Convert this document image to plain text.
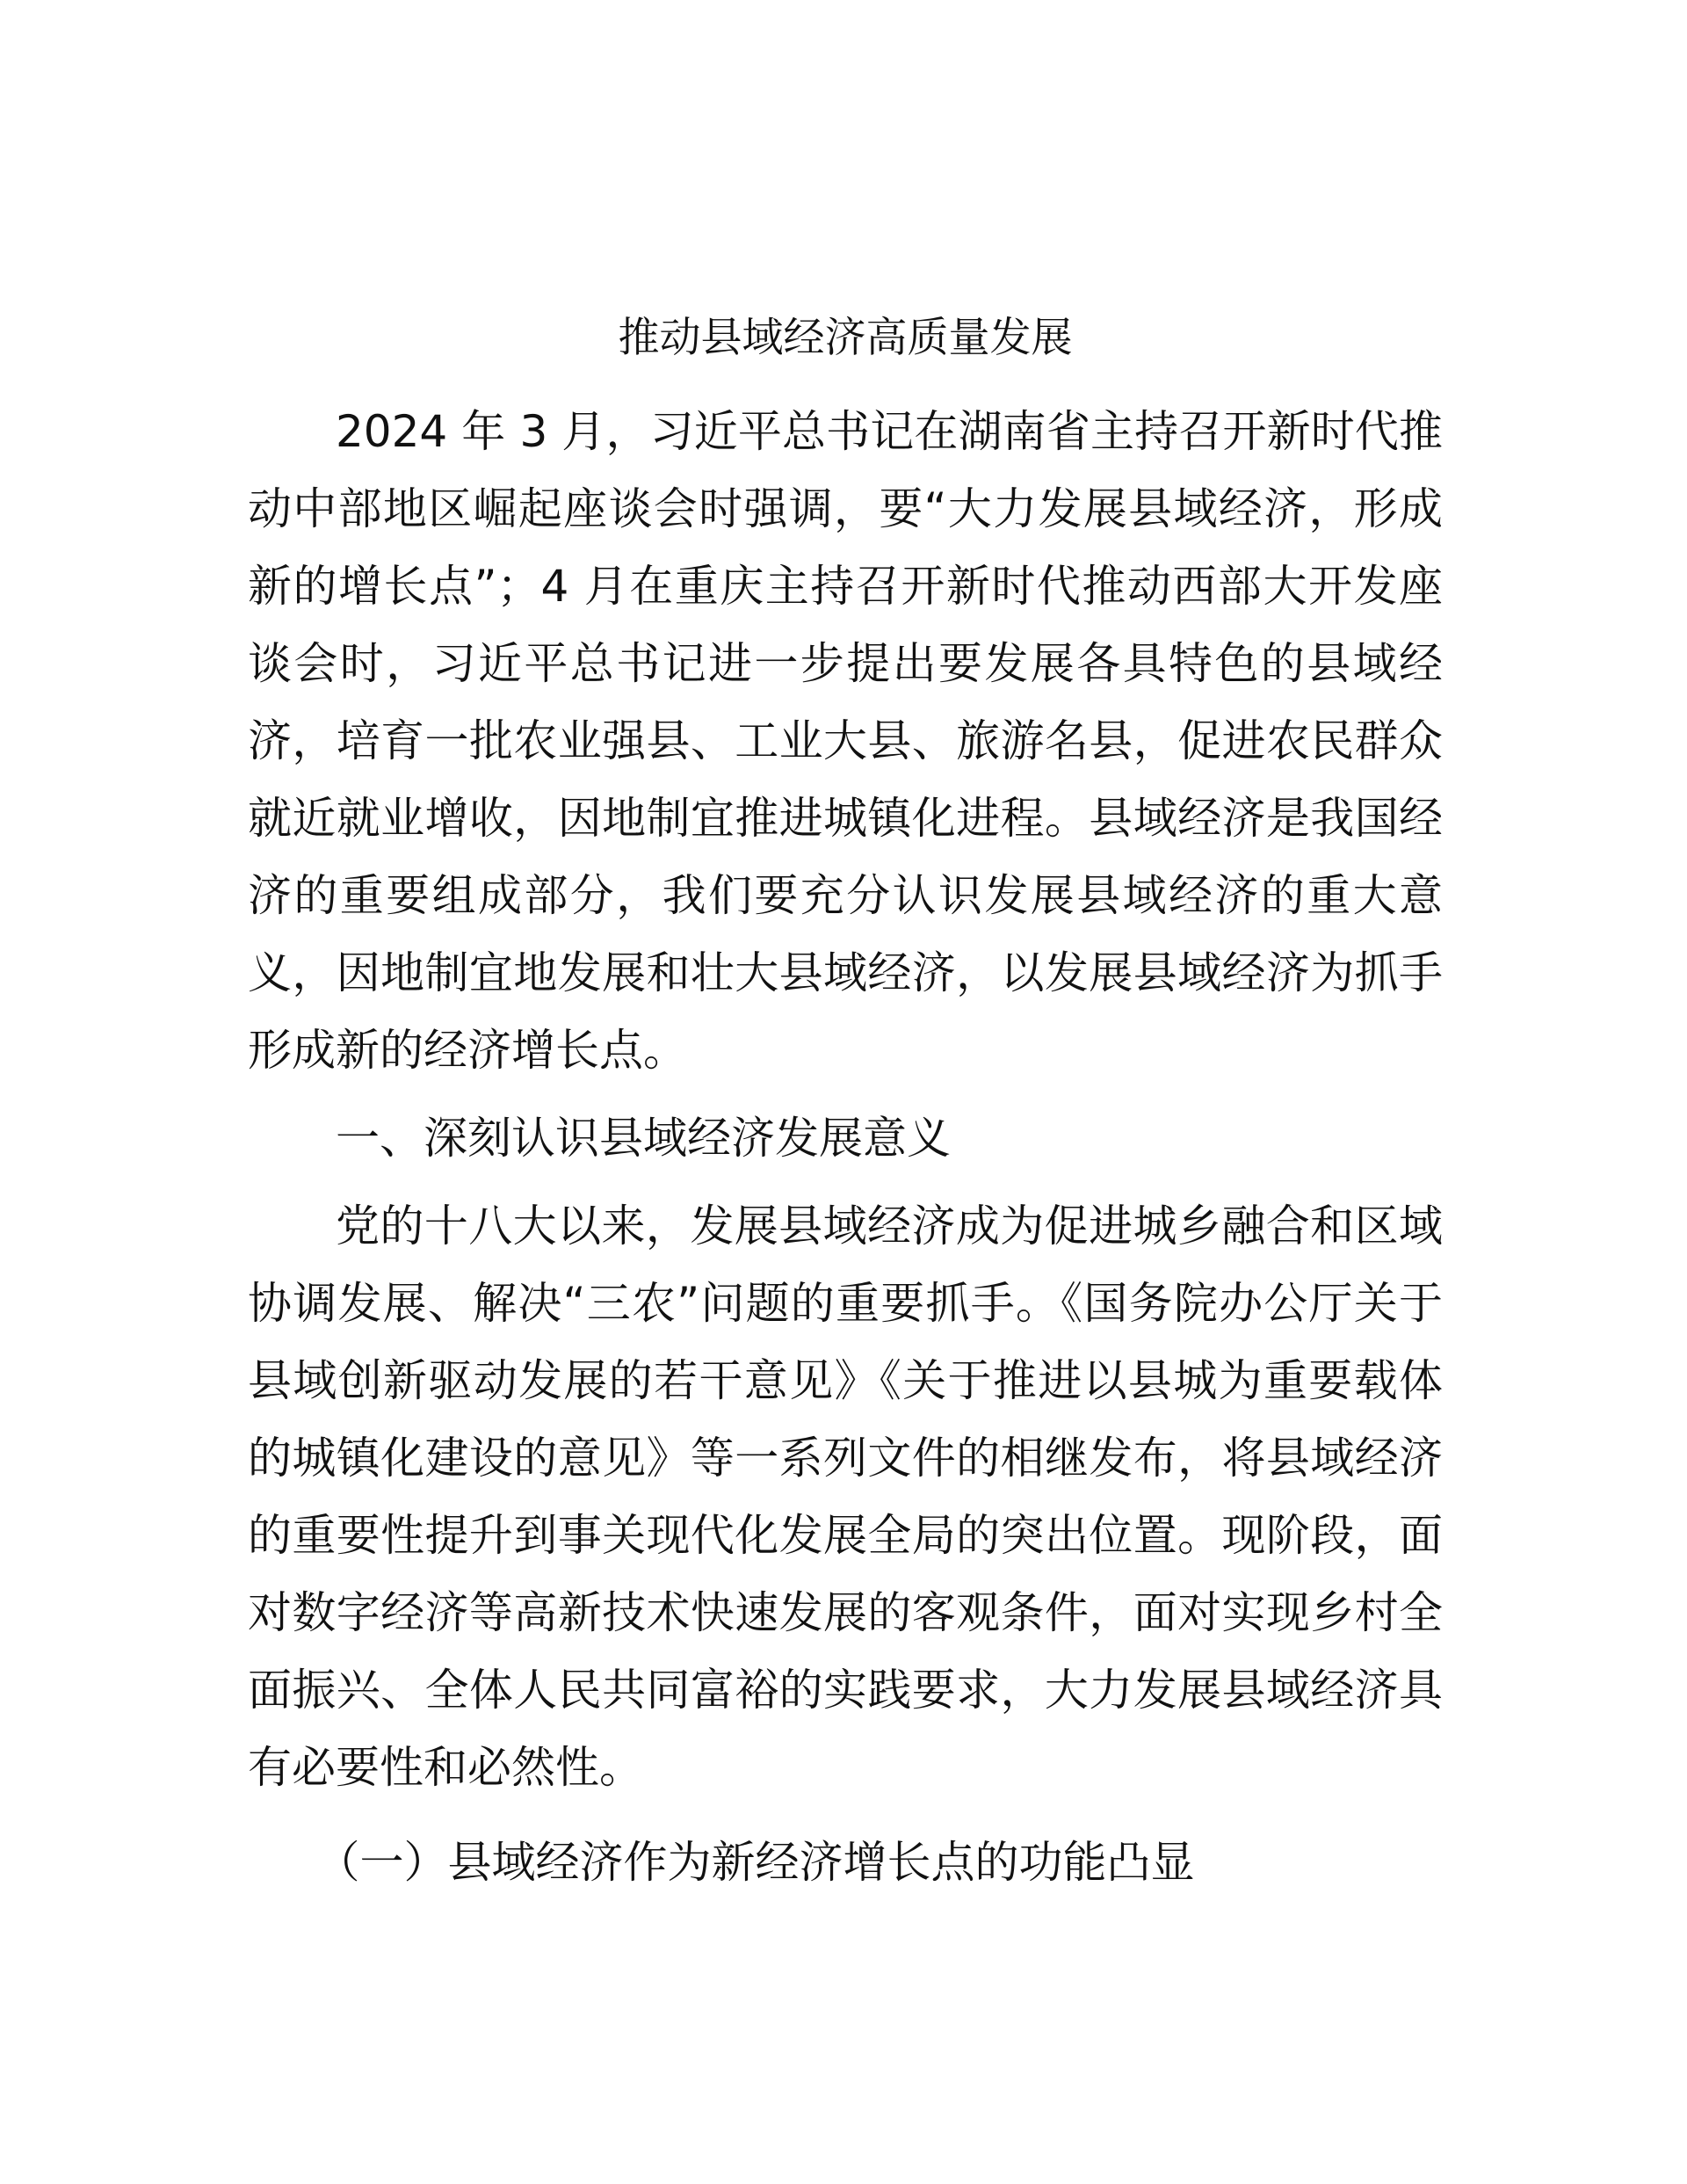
推动县域经济高质量发展

2024 年 3 月，习近平总书记在湖南省主持召开新时代推动中部地区崛起座谈会时强调，要“大力发展县域经济，形成新的增长点”；4 月在重庆主持召开新时代推动西部大开发座谈会时，习近平总书记进一步提出要发展各具特色的县域经济，培育一批农业强县、工业大县、旅游名县，促进农民群众就近就业增收，因地制宜推进城镇化进程。县域经济是我国经济的重要组成部分，我们要充分认识发展县域经济的重大意义，因地制宜地发展和壮大县域经济，以发展县域经济为抓手形成新的经济增长点。

一、深刻认识县域经济发展意义

党的十八大以来，发展县域经济成为促进城乡融合和区域协调发展、解决“三农”问题的重要抓手。《国务院办公厅关于县域创新驱动发展的若干意见》《关于推进以县城为重要载体的城镇化建设的意见》等一系列文件的相继发布，将县域经济的重要性提升到事关现代化发展全局的突出位置。现阶段，面对数字经济等高新技术快速发展的客观条件，面对实现乡村全面振兴、全体人民共同富裕的实践要求，大力发展县域经济具有必要性和必然性。

（一）县域经济作为新经济增长点的功能凸显
